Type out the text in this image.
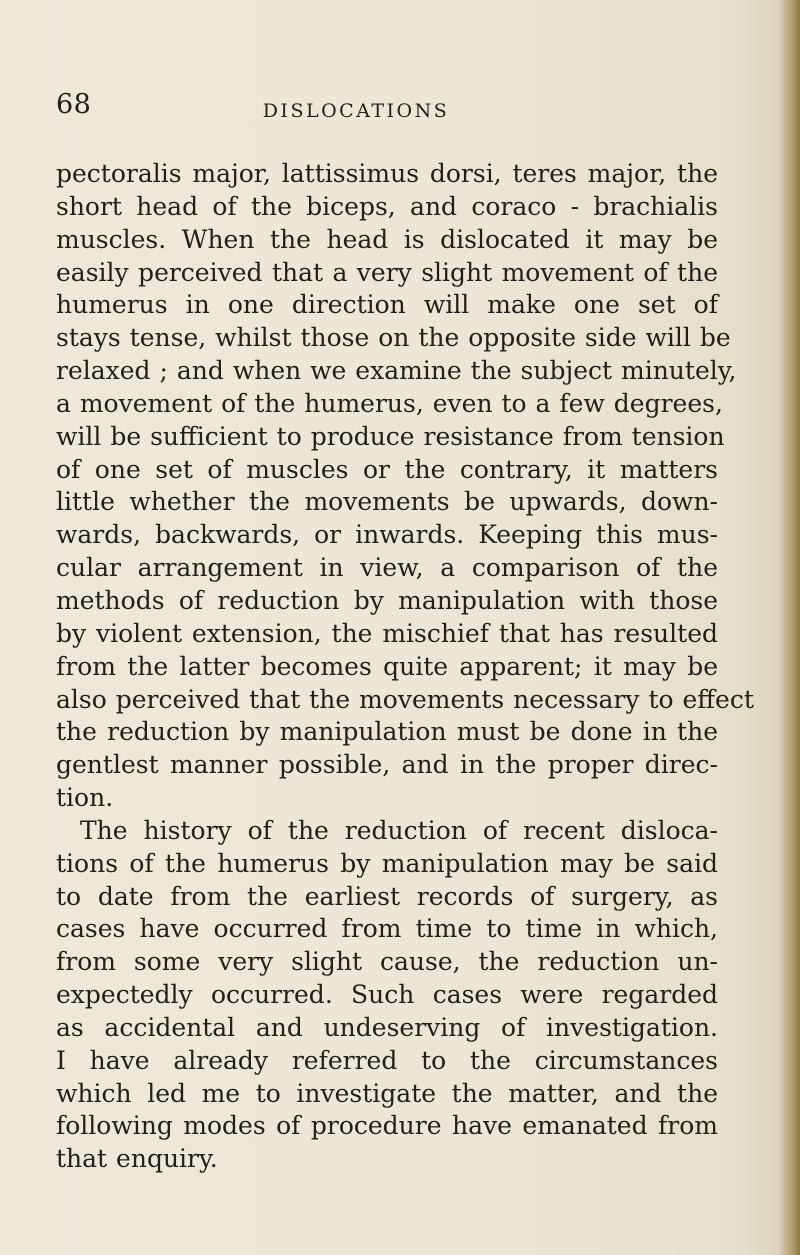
68	DISLOCATIONS
pectoralis major, lattissimus dorsi, teres major, the
short head of the biceps, and coraco - brachialis
muscles. When the head is dislocated it may be
easily perceived that a very slight movement of the
humerus in one direction will make one set of
stays tense, whilst those on the opposite side will be
relaxed ; and when we examine the subject minutely,
a movement of the humerus, even to a few degrees,
will be sufficient to produce resistance from tension
of one set of muscles or the contrary, it matters
little whether the movements be upwards, down-
wards, backwards, or inwards. Keeping this mus-
cular arrangement in view, a comparison of the
methods of reduction by manipulation with those
by violent extension, the mischief that has resulted
from the latter becomes quite apparent; it may be
also perceived that the movements necessary to effect
the reduction by manipulation must be done in the
gentlest manner possible, and in the proper direc-
tion.
The history of the reduction of recent disloca-
tions of the humerus by manipulation may be said
to date from the earliest records of surgery, as
cases have occurred from time to time in which,
from some very slight cause, the reduction un-
expectedly occurred. Such cases were regarded
as accidental and undeserving of investigation.
I have already referred to the circumstances
which led me to investigate the matter, and the
following modes of procedure have emanated from
that enquiry.
